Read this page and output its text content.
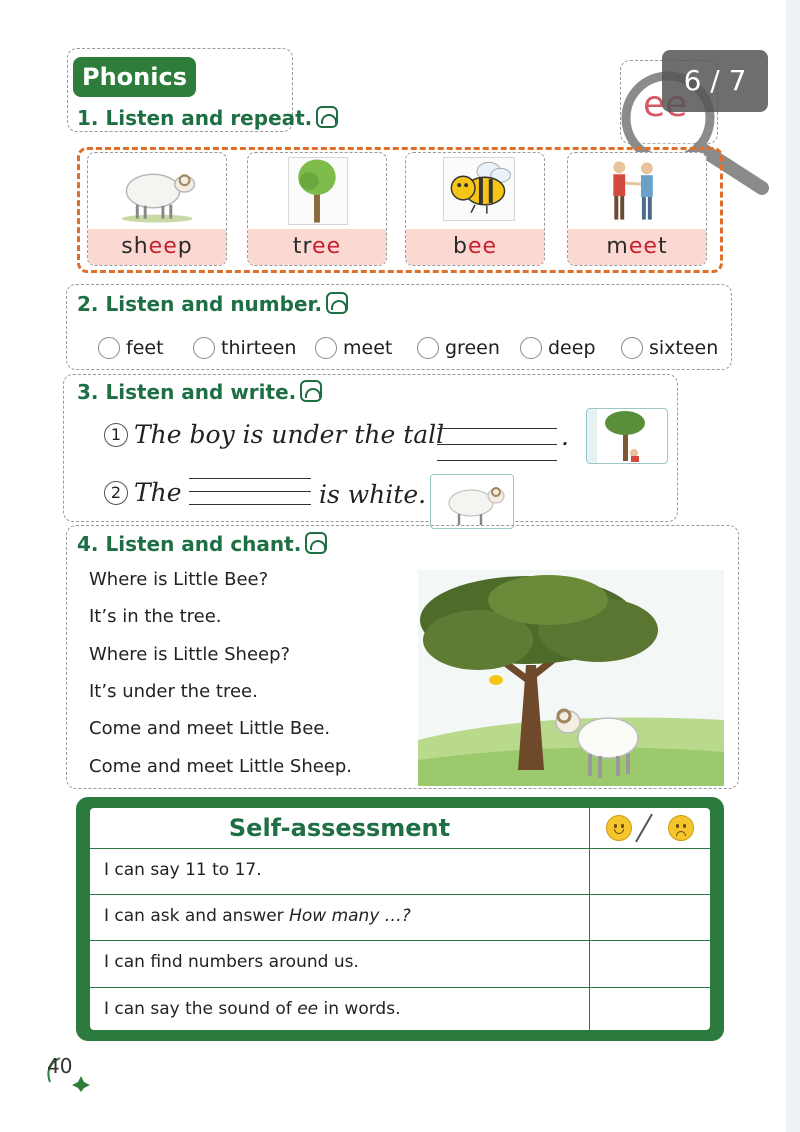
Phonics
1. Listen and repeat.
6 / 7
sheep	tree	bee	meet
2. Listen and number.
feet	thirteen	meet	green	deep	sixteen
3. Listen and write.
1 The boy is under the tall	.
2 The	is white.
4. Listen and chant.
Where is Little Bee?
It’s in the tree.
Where is Little Sheep?
It’s under the tree.
Come and meet Little Bee.
Come and meet Little Sheep.
Self-assessment
I can say 11 to 17.
I can ask and answer How many …?
I can find numbers around us.
I can say the sound of ee in words.
40
